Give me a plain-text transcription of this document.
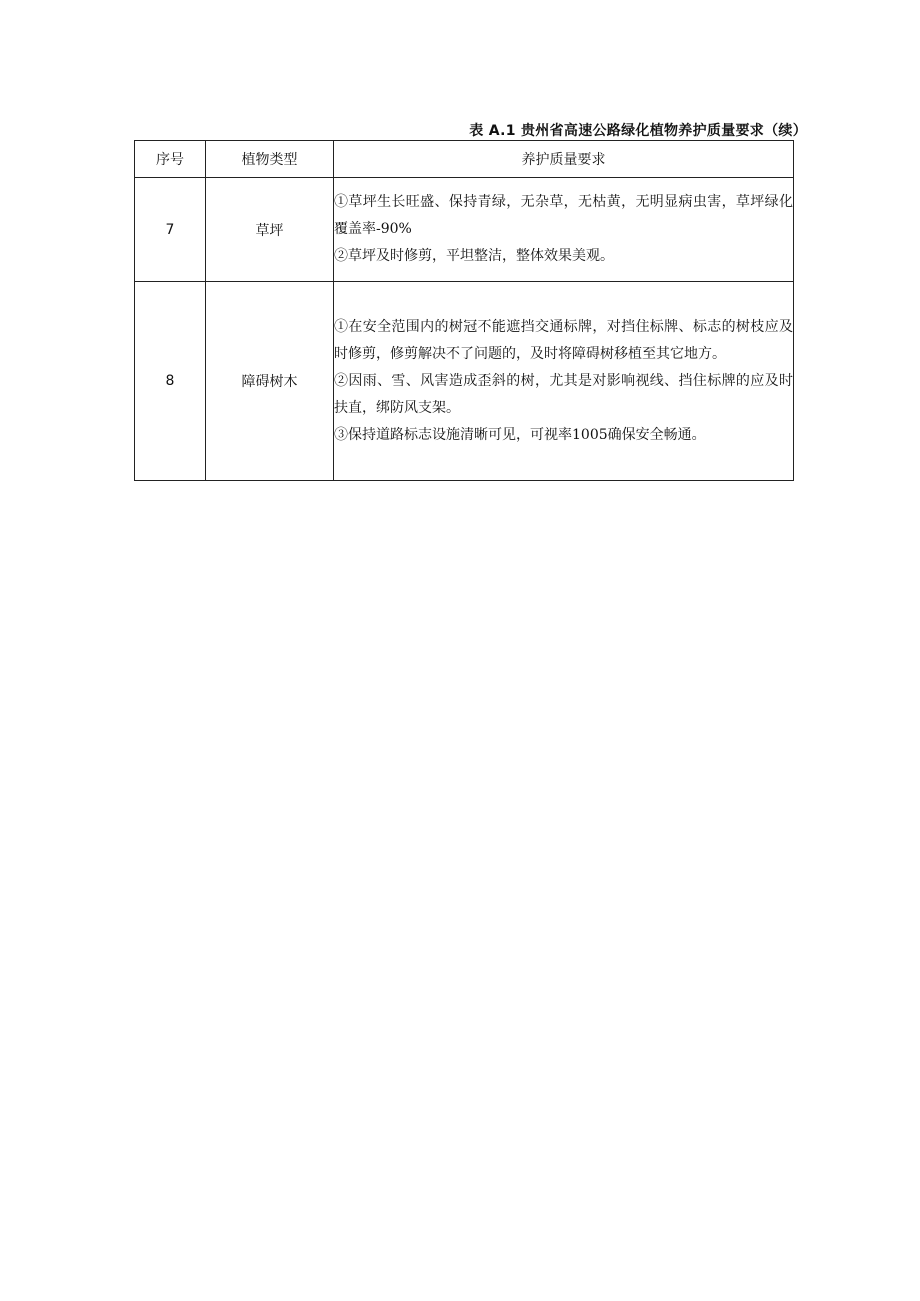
表 A.1 贵州省高速公路绿化植物养护质量要求（续）
序号	植物类型	养护质量要求
7	草坪	①草坪生长旺盛、保持青绿，无杂草，无枯黄，无明显病虫害，草坪绿化覆盖率-90%

②草坪及时修剪，平坦整洁，整体效果美观。

8	障碍树木	①在安全范围内的树冠不能遮挡交通标牌，对挡住标牌、标志的树枝应及时修剪，修剪解决不了问题的，及时将障碍树移植至其它地方。

②因雨、雪、风害造成歪斜的树，尤其是对影响视线、挡住标牌的应及时扶直，绑防风支架。

③保持道路标志设施清晰可见，可视率1005确保安全畅通。
